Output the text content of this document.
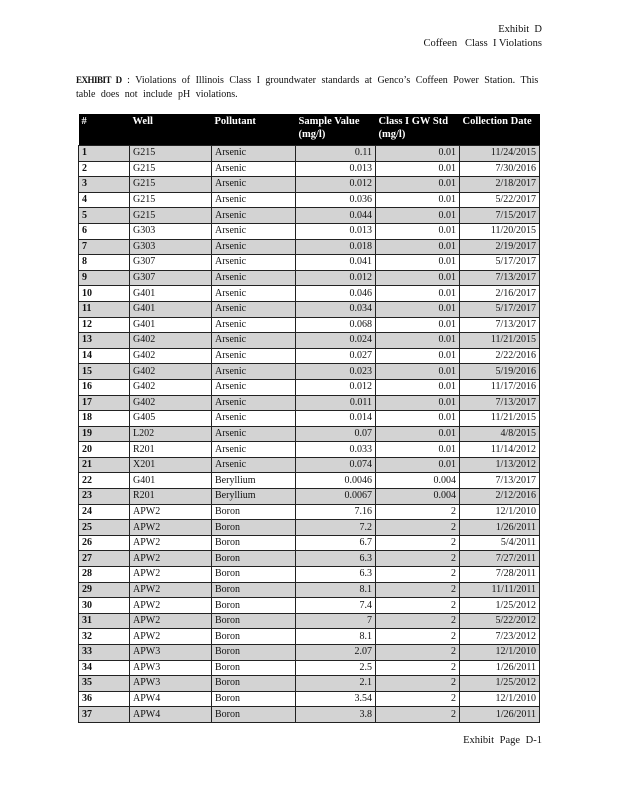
Exhibit  D
Coffeen   Class  I Violations
EXHIBIT D : Violations of Illinois Class I groundwater standards at Genco’s Coffeen Power Station. This table does not include pH violations.
#	Well	Pollutant	Sample Value (mg/l)	Class I GW Std (mg/l)	Collection Date
1	G215	Arsenic	0.11	0.01	11/24/2015
2	G215	Arsenic	0.013	0.01	7/30/2016
3	G215	Arsenic	0.012	0.01	2/18/2017
4	G215	Arsenic	0.036	0.01	5/22/2017
5	G215	Arsenic	0.044	0.01	7/15/2017
6	G303	Arsenic	0.013	0.01	11/20/2015
7	G303	Arsenic	0.018	0.01	2/19/2017
8	G307	Arsenic	0.041	0.01	5/17/2017
9	G307	Arsenic	0.012	0.01	7/13/2017
10	G401	Arsenic	0.046	0.01	2/16/2017
11	G401	Arsenic	0.034	0.01	5/17/2017
12	G401	Arsenic	0.068	0.01	7/13/2017
13	G402	Arsenic	0.024	0.01	11/21/2015
14	G402	Arsenic	0.027	0.01	2/22/2016
15	G402	Arsenic	0.023	0.01	5/19/2016
16	G402	Arsenic	0.012	0.01	11/17/2016
17	G402	Arsenic	0.011	0.01	7/13/2017
18	G405	Arsenic	0.014	0.01	11/21/2015
19	L202	Arsenic	0.07	0.01	4/8/2015
20	R201	Arsenic	0.033	0.01	11/14/2012
21	X201	Arsenic	0.074	0.01	1/13/2012
22	G401	Beryllium	0.0046	0.004	7/13/2017
23	R201	Beryllium	0.0067	0.004	2/12/2016
24	APW2	Boron	7.16	2	12/1/2010
25	APW2	Boron	7.2	2	1/26/2011
26	APW2	Boron	6.7	2	5/4/2011
27	APW2	Boron	6.3	2	7/27/2011
28	APW2	Boron	6.3	2	7/28/2011
29	APW2	Boron	8.1	2	11/11/2011
30	APW2	Boron	7.4	2	1/25/2012
31	APW2	Boron	7	2	5/22/2012
32	APW2	Boron	8.1	2	7/23/2012
33	APW3	Boron	2.07	2	12/1/2010
34	APW3	Boron	2.5	2	1/26/2011
35	APW3	Boron	2.1	2	1/25/2012
36	APW4	Boron	3.54	2	12/1/2010
37	APW4	Boron	3.8	2	1/26/2011
Exhibit Page D-1
